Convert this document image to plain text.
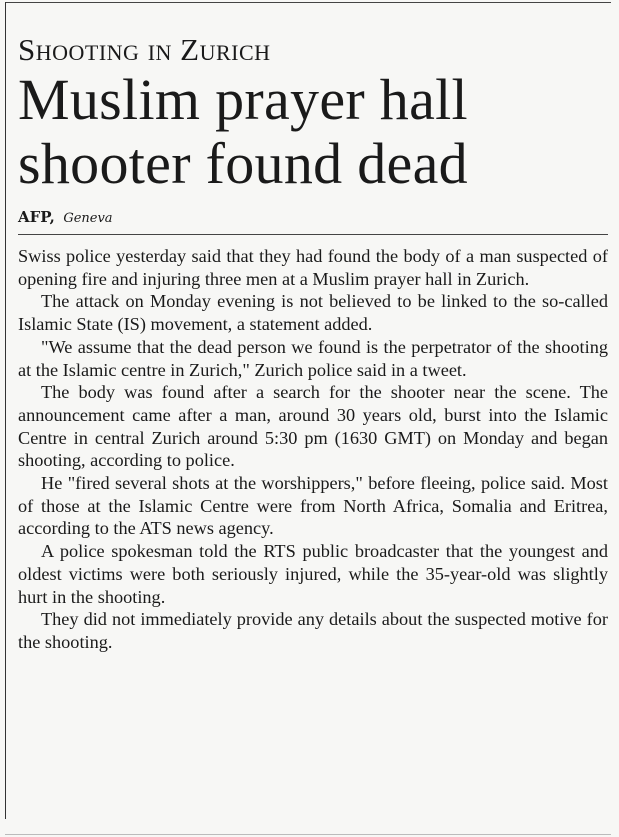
Shooting in Zurich
Muslim prayer hall
shooter found dead
AFP, Geneva

Swiss police yesterday said that they had found the body of a man suspected of opening fire and injuring three men at a Muslim prayer hall in Zurich.

The attack on Monday evening is not believed to be linked to the so-called Islamic State (IS) movement, a statement added.

"We assume that the dead person we found is the perpetrator of the shooting at the Islamic centre in Zurich," Zurich police said in a tweet.

The body was found after a search for the shooter near the scene. The announcement came after a man, around 30 years old, burst into the Islamic Centre in central Zurich around 5:30 pm (1630 GMT) on Monday and began shooting, according to police.

He "fired several shots at the worshippers," before fleeing, police said. Most of those at the Islamic Centre were from North Africa, Somalia and Eritrea, according to the ATS news agency.

A police spokesman told the RTS public broadcaster that the youngest and oldest victims were both seriously injured, while the 35-year-old was slightly hurt in the shooting.

They did not immediately provide any details about the suspected motive for the shooting.
